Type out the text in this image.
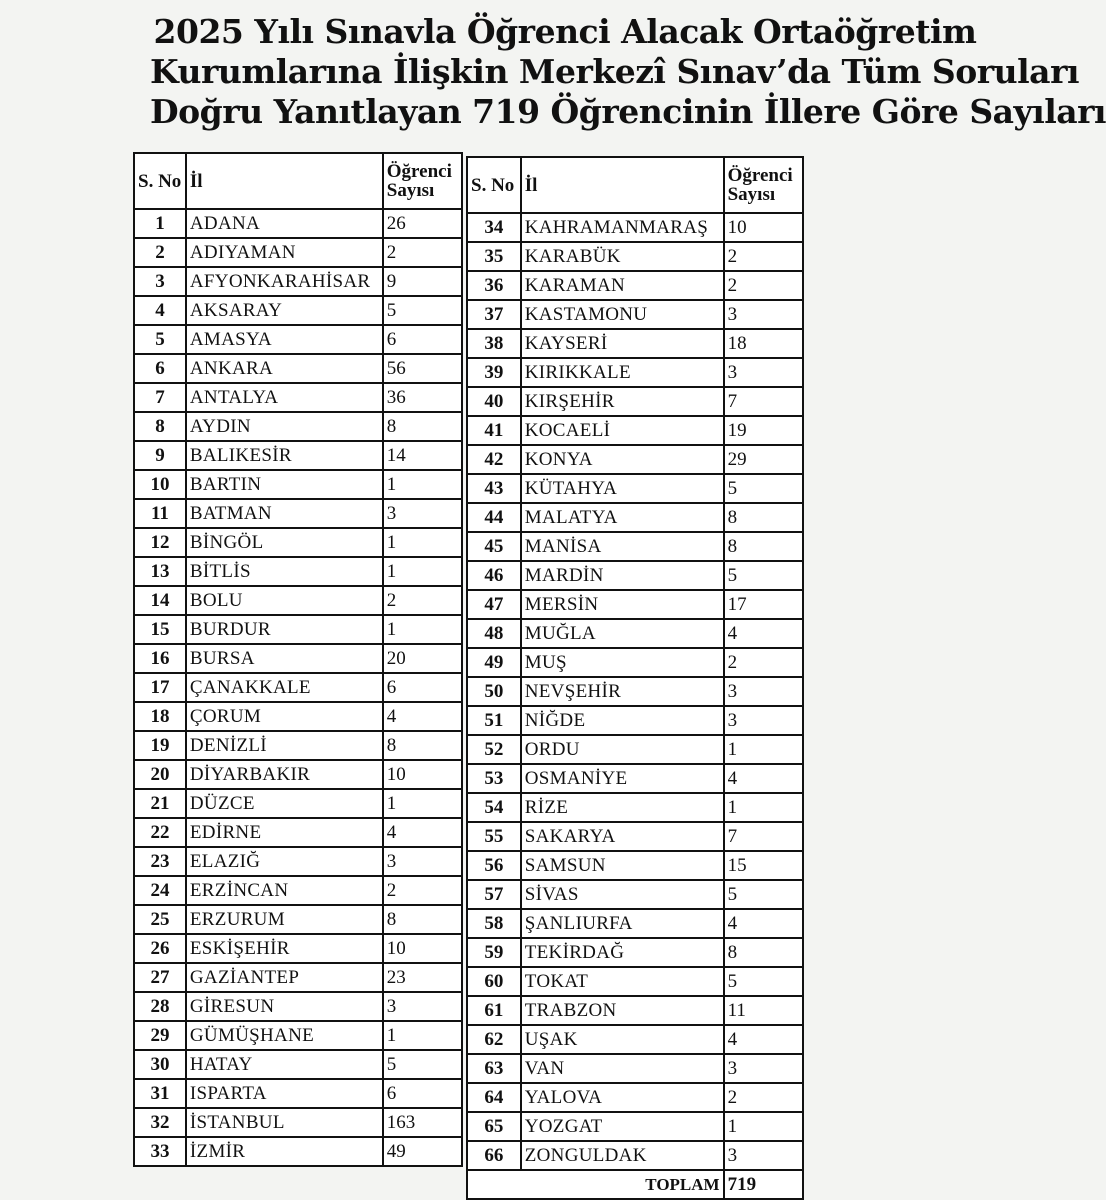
2025 Yılı Sınavla Öğrenci Alacak Ortaöğretim
Kurumlarına İlişkin Merkezî Sınav’da Tüm Soruları
Doğru Yanıtlayan 719 Öğrencinin İllere Göre Sayıları
S. No	İl	Öğrenci
Sayısı
1	ADANA	26
2	ADIYAMAN	2
3	AFYONKARAHİSAR	9
4	AKSARAY	5
5	AMASYA	6
6	ANKARA	56
7	ANTALYA	36
8	AYDIN	8
9	BALIKESİR	14
10	BARTIN	1
11	BATMAN	3
12	BİNGÖL	1
13	BİTLİS	1
14	BOLU	2
15	BURDUR	1
16	BURSA	20
17	ÇANAKKALE	6
18	ÇORUM	4
19	DENİZLİ	8
20	DİYARBAKIR	10
21	DÜZCE	1
22	EDİRNE	4
23	ELAZIĞ	3
24	ERZİNCAN	2
25	ERZURUM	8
26	ESKİŞEHİR	10
27	GAZİANTEP	23
28	GİRESUN	3
29	GÜMÜŞHANE	1
30	HATAY	5
31	ISPARTA	6
32	İSTANBUL	163
33	İZMİR	49
S. No	İl	Öğrenci
Sayısı
34	KAHRAMANMARAŞ	10
35	KARABÜK	2
36	KARAMAN	2
37	KASTAMONU	3
38	KAYSERİ	18
39	KIRIKKALE	3
40	KIRŞEHİR	7
41	KOCAELİ	19
42	KONYA	29
43	KÜTAHYA	5
44	MALATYA	8
45	MANİSA	8
46	MARDİN	5
47	MERSİN	17
48	MUĞLA	4
49	MUŞ	2
50	NEVŞEHİR	3
51	NİĞDE	3
52	ORDU	1
53	OSMANİYE	4
54	RİZE	1
55	SAKARYA	7
56	SAMSUN	15
57	SİVAS	5
58	ŞANLIURFA	4
59	TEKİRDAĞ	8
60	TOKAT	5
61	TRABZON	11
62	UŞAK	4
63	VAN	3
64	YALOVA	2
65	YOZGAT	1
66	ZONGULDAK	3
TOPLAM		719
